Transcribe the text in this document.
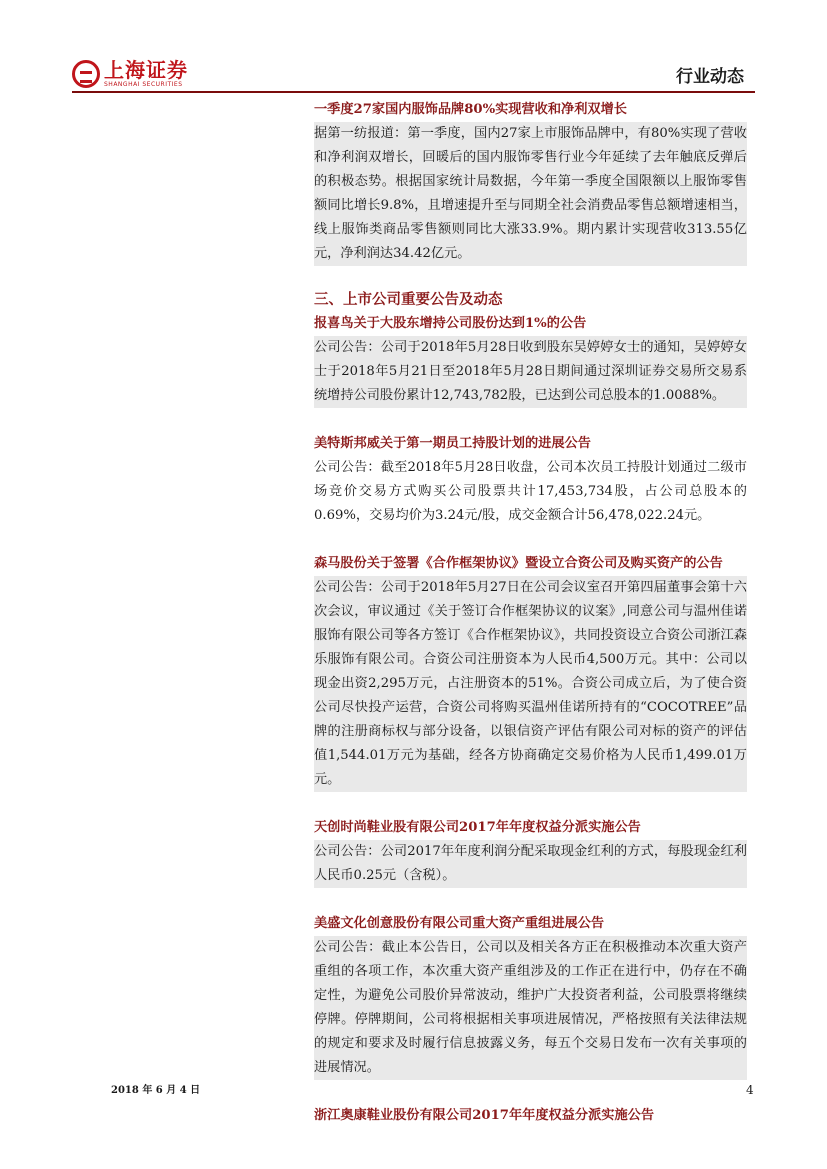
上海证券
SHANGHAI SECURITIES	行业动态

一季度27家国内服饰品牌80%实现营收和净利双增长

据第一纺报道：第一季度，国内27家上市服饰品牌中，有80%实现了营收和净利润双增长，回暖后的国内服饰零售行业今年延续了去年触底反弹后的积极态势。根据国家统计局数据，今年第一季度全国限额以上服饰零售额同比增长9.8%，且增速提升至与同期全社会消费品零售总额增速相当，线上服饰类商品零售额则同比大涨33.9%。期内累计实现营收313.55亿元，净利润达34.42亿元。

三、上市公司重要公告及动态

报喜鸟关于大股东增持公司股份达到1%的公告

公司公告：公司于2018年5月28日收到股东吴婷婷女士的通知，吴婷婷女士于2018年5月21日至2018年5月28日期间通过深圳证券交易所交易系统增持公司股份累计12,743,782股，已达到公司总股本的1.0088%。

美特斯邦威关于第一期员工持股计划的进展公告

公司公告：截至2018年5月28日收盘，公司本次员工持股计划通过二级市场竞价交易方式购买公司股票共计17,453,734股，占公司总股本的0.69%，交易均价为3.24元/股，成交金额合计56,478,022.24元。

森马股份关于签署《合作框架协议》暨设立合资公司及购买资产的公告

公司公告：公司于2018年5月27日在公司会议室召开第四届董事会第十六次会议，审议通过《关于签订合作框架协议的议案》,同意公司与温州佳诺服饰有限公司等各方签订《合作框架协议》，共同投资设立合资公司浙江森乐服饰有限公司。合资公司注册资本为人民币4,500万元。其中：公司以现金出资2,295万元，占注册资本的51%。合资公司成立后，为了使合资公司尽快投产运营，合资公司将购买温州佳诺所持有的“COCOTREE”品牌的注册商标权与部分设备，以银信资产评估有限公司对标的资产的评估值1,544.01万元为基础，经各方协商确定交易价格为人民币1,499.01万元。

天创时尚鞋业股有限公司2017年年度权益分派实施公告

公司公告：公司2017年年度利润分配采取现金红利的方式，每股现金红利人民币0.25元（含税）。

美盛文化创意股份有限公司重大资产重组进展公告

公司公告：截止本公告日，公司以及相关各方正在积极推动本次重大资产重组的各项工作，本次重大资产重组涉及的工作正在进行中，仍存在不确定性，为避免公司股价异常波动，维护广大投资者利益，公司股票将继续停牌。停牌期间，公司将根据相关事项进展情况，严格按照有关法律法规的规定和要求及时履行信息披露义务，每五个交易日发布一次有关事项的进展情况。

浙江奥康鞋业股份有限公司2017年年度权益分派实施公告

2018 年 6 月 4 日	4
